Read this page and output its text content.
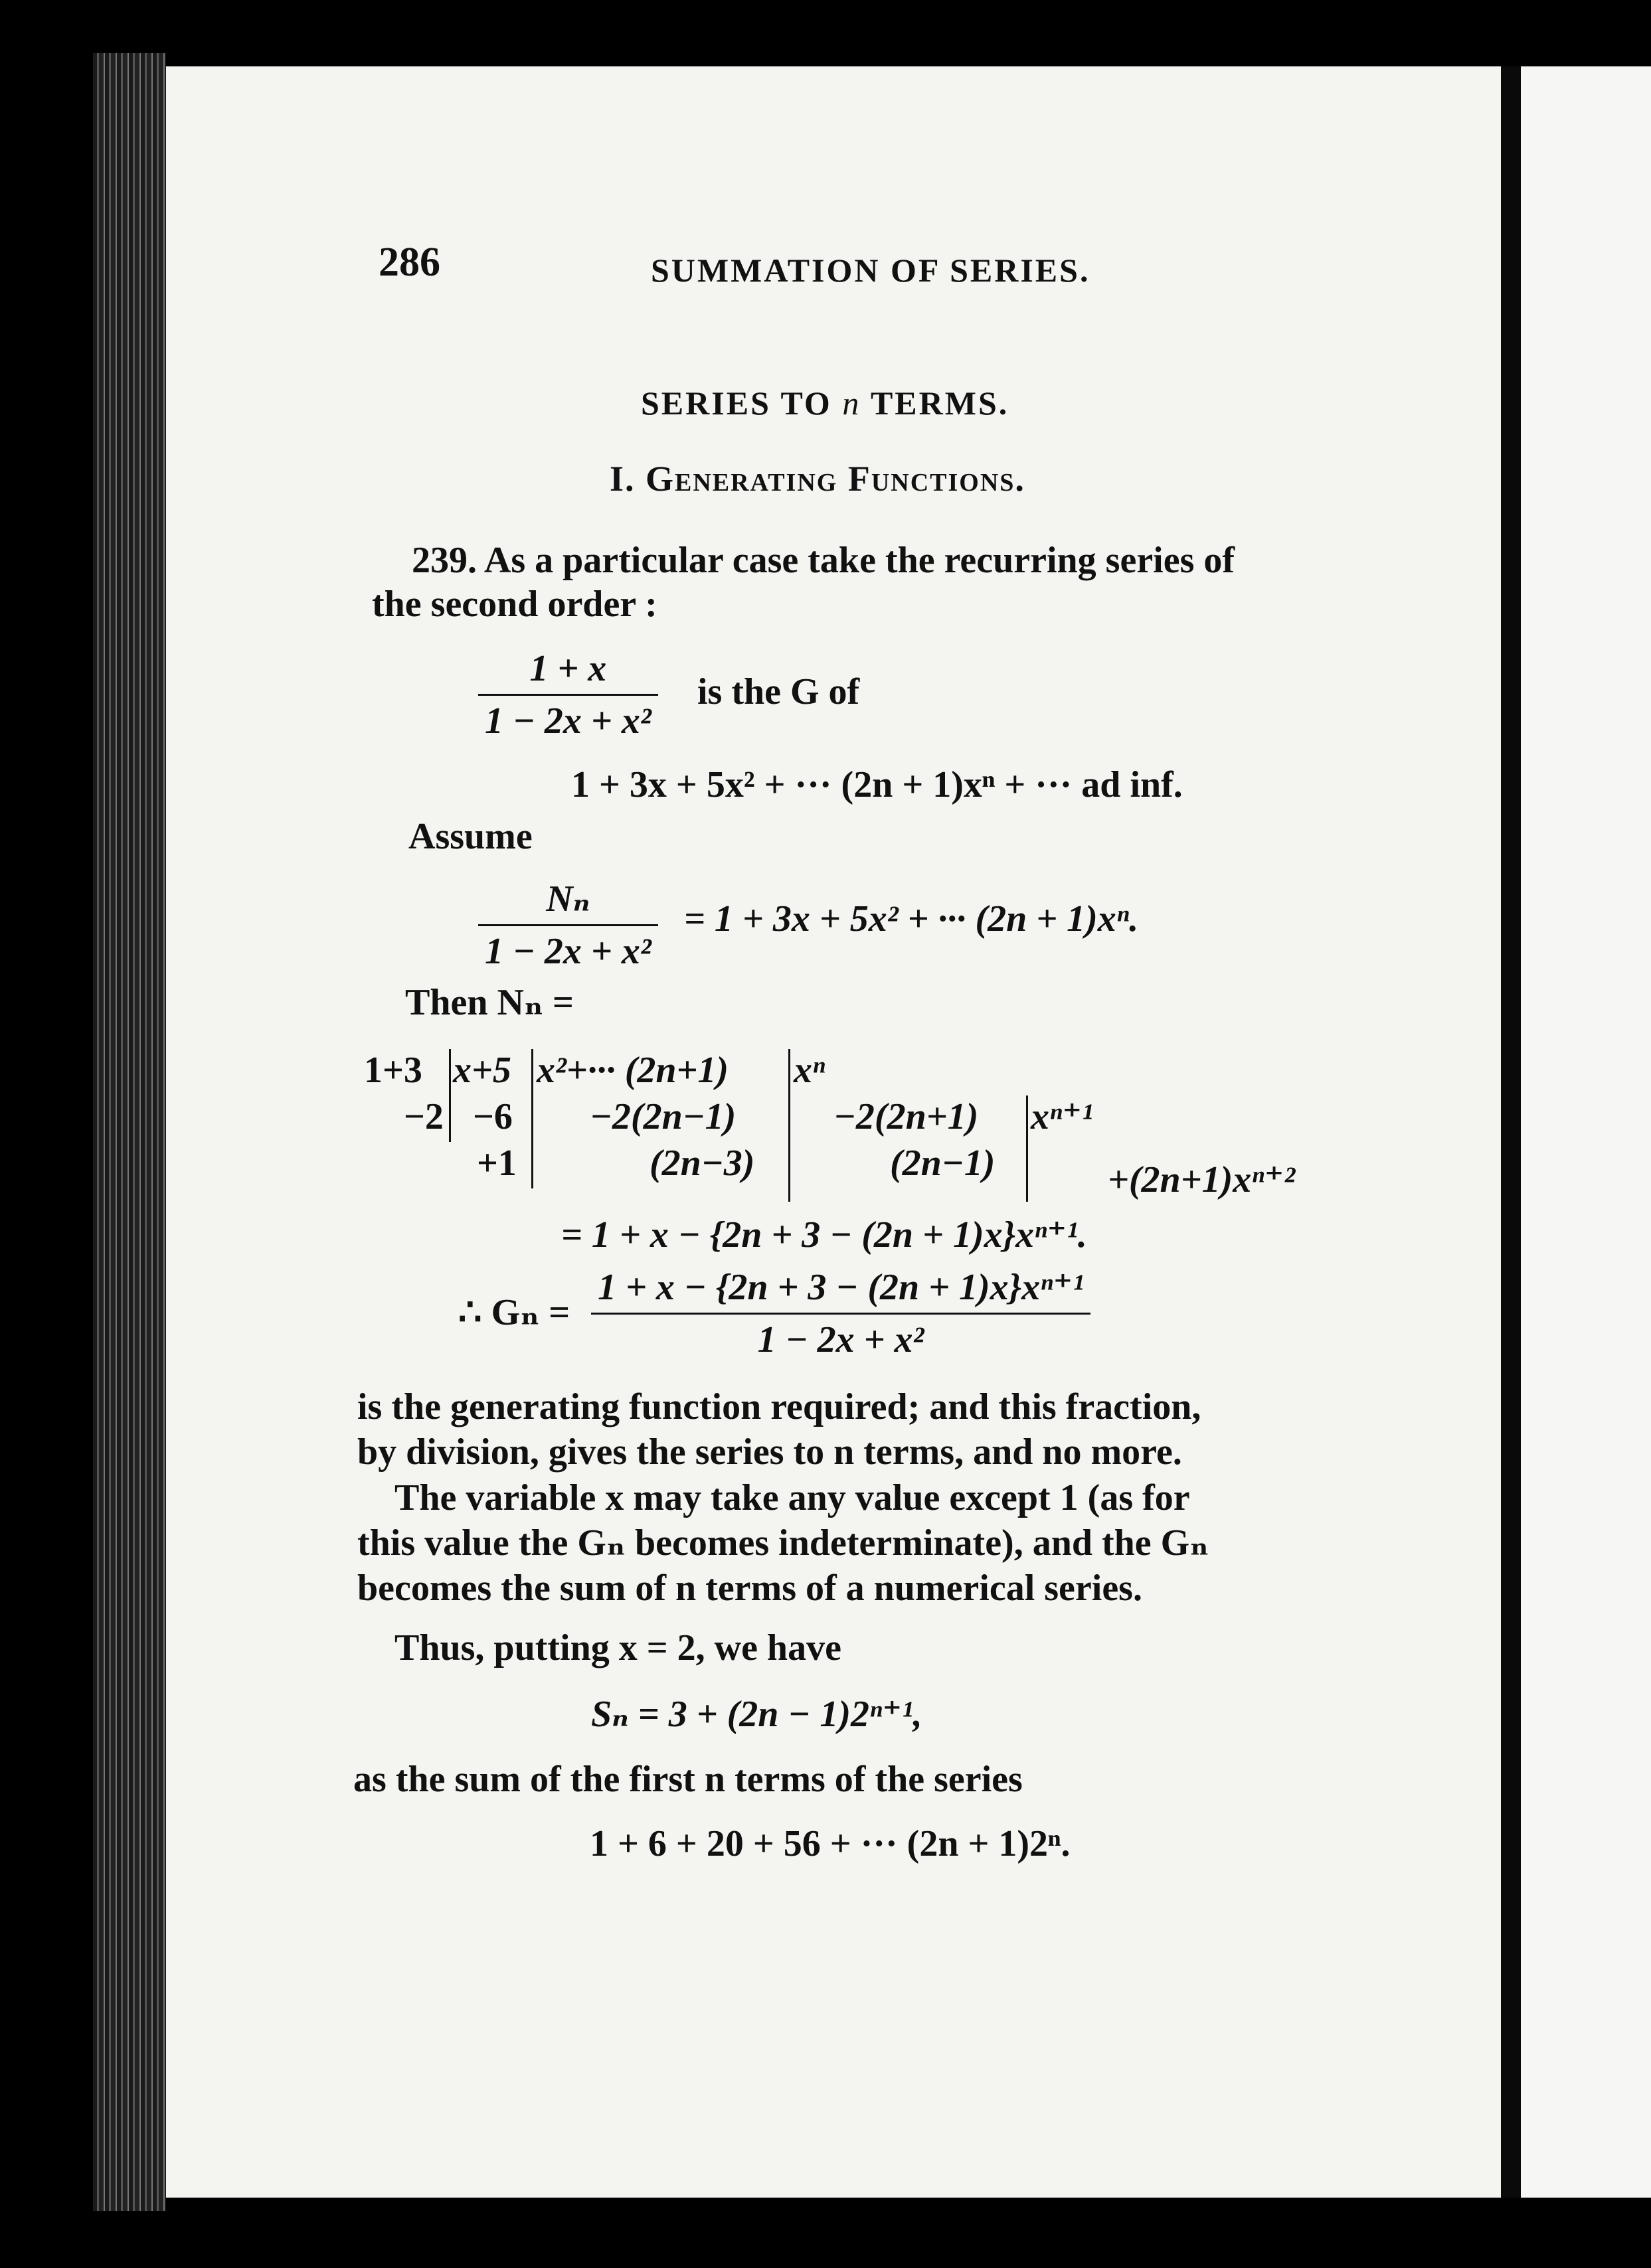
286	SUMMATION OF SERIES.
SERIES TO n TERMS.
I. Generating Functions.
239. As a particular case take the recurring series of
the second order :
$\frac{1 + x}{\text{1 − 2x + x²}}$ is the G of
1 + 3x + 5x² + ··· (2n + 1)xⁿ + ··· ad inf.
Assume
$\frac{\text{Nₙ}}{\text{1 − 2x + x²}} = 1 + 3x + 5x^2$ + ··· (2n + 1)xⁿ.
Then Nₙ =
1+3
−2
x+5
−6
+1
x²+··· (2n+1)
−2(2n−1)
(2n−3)
xⁿ
−2(2n+1)
(2n−1)
xⁿ⁺¹
+(2n+1)xⁿ⁺²
= 1 + x − {2n + 3 − (2n + 1)x}xⁿ⁺¹.
∴ $G_n = \frac{\text{1 + x − \{2n + 3 − (2n + 1)x\}xⁿ⁺¹}}{\text{1 − 2x + x²}}$
is the generating function required; and this fraction,
by division, gives the series to n terms, and no more.
The variable x may take any value except 1 (as for
this value the Gₙ becomes indeterminate), and the Gₙ
becomes the sum of n terms of a numerical series.
Thus, putting x = 2, we have
Sₙ = 3 + (2n − 1)2ⁿ⁺¹,
as the sum of the first n terms of the series
1 + 6 + 20 + 56 + ··· (2n + 1)2ⁿ.
